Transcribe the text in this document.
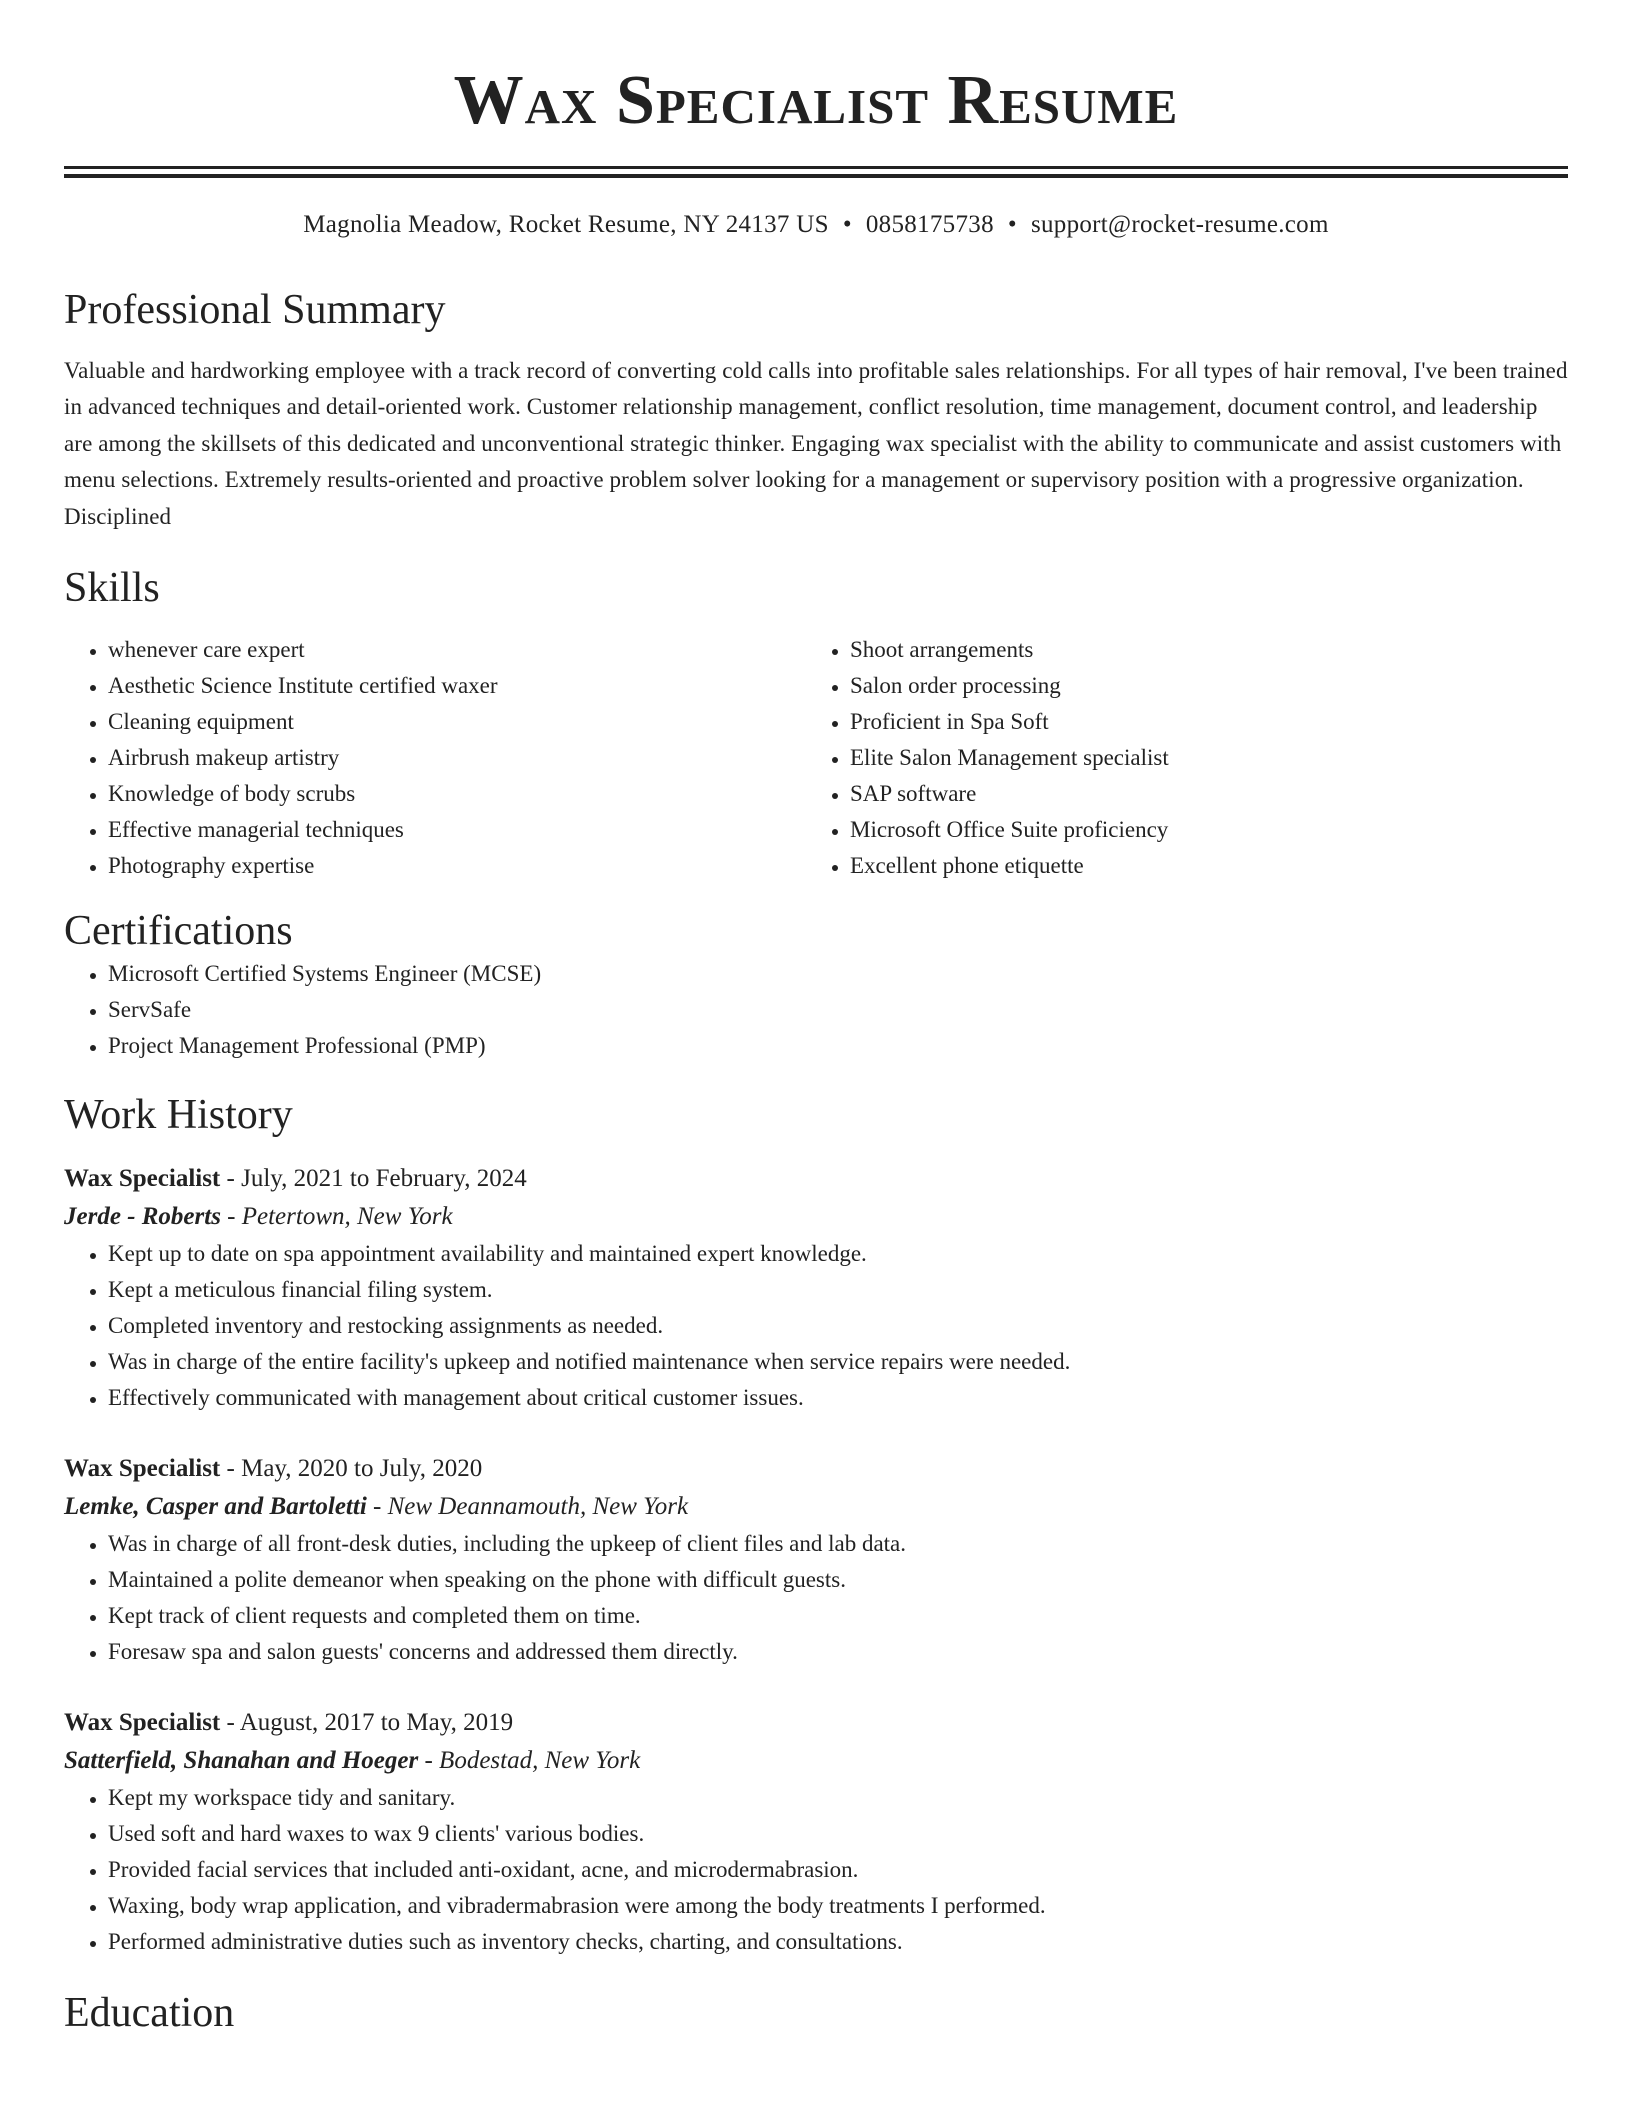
Wax Specialist Resume
Magnolia Meadow, Rocket Resume, NY 24137 US • 0858175738 • support@rocket-resume.com
Professional Summary

Valuable and hardworking employee with a track record of converting cold calls into profitable sales relationships. For all types of hair removal, I've been trained in advanced techniques and detail-oriented work. Customer relationship management, conflict resolution, time management, document control, and leadership are among the skillsets of this dedicated and unconventional strategic thinker. Engaging wax specialist with the ability to communicate and assist customers with menu selections. Extremely results-oriented and proactive problem solver looking for a management or supervisory position with a progressive organization. Disciplined

Skills
• whenever care expert
• Aesthetic Science Institute certified waxer
• Cleaning equipment
• Airbrush makeup artistry
• Knowledge of body scrubs
• Effective managerial techniques
• Photography expertise
• Shoot arrangements
• Salon order processing
• Proficient in Spa Soft
• Elite Salon Management specialist
• SAP software
• Microsoft Office Suite proficiency
• Excellent phone etiquette
Certifications
• Microsoft Certified Systems Engineer (MCSE)
• ServSafe
• Project Management Professional (PMP)
Work History
Wax Specialist - July, 2021 to February, 2024
Jerde - Roberts - Petertown, New York
• Kept up to date on spa appointment availability and maintained expert knowledge.
• Kept a meticulous financial filing system.
• Completed inventory and restocking assignments as needed.
• Was in charge of the entire facility's upkeep and notified maintenance when service repairs were needed.
• Effectively communicated with management about critical customer issues.
Wax Specialist - May, 2020 to July, 2020
Lemke, Casper and Bartoletti - New Deannamouth, New York
• Was in charge of all front-desk duties, including the upkeep of client files and lab data.
• Maintained a polite demeanor when speaking on the phone with difficult guests.
• Kept track of client requests and completed them on time.
• Foresaw spa and salon guests' concerns and addressed them directly.
Wax Specialist - August, 2017 to May, 2019
Satterfield, Shanahan and Hoeger - Bodestad, New York
• Kept my workspace tidy and sanitary.
• Used soft and hard waxes to wax 9 clients' various bodies.
• Provided facial services that included anti-oxidant, acne, and microdermabrasion.
• Waxing, body wrap application, and vibradermabrasion were among the body treatments I performed.
• Performed administrative duties such as inventory checks, charting, and consultations.
Education
